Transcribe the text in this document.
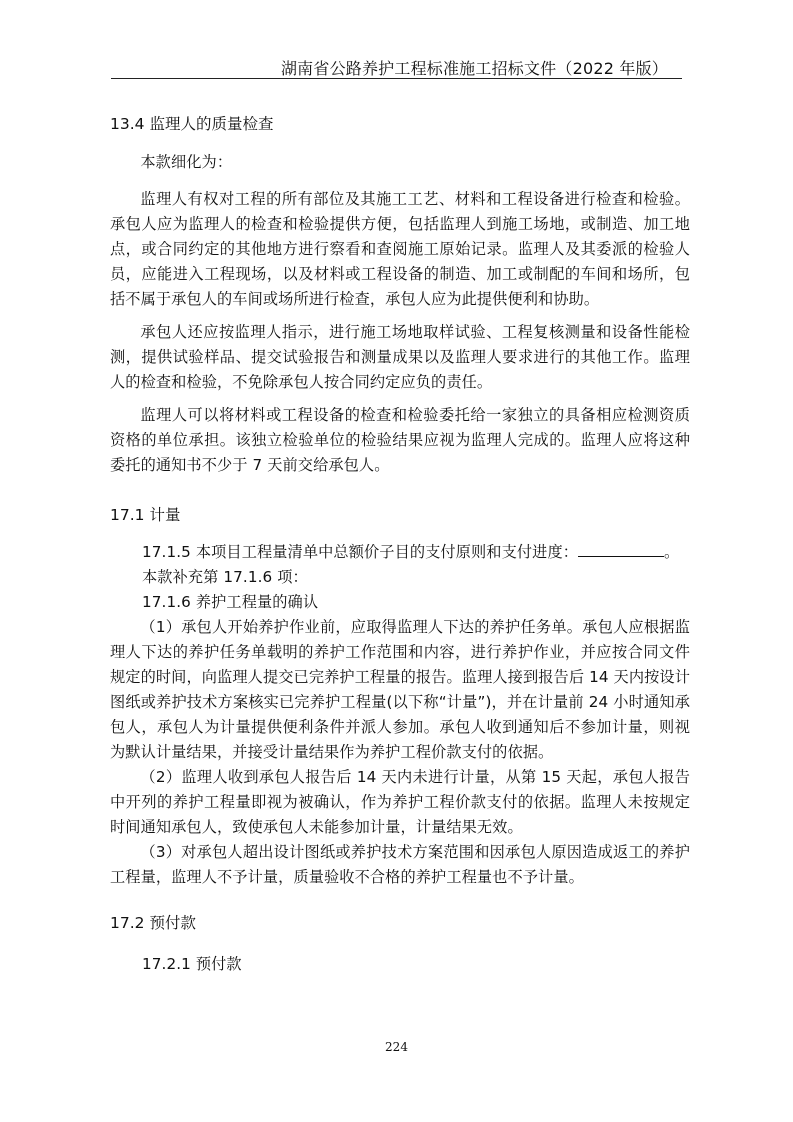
湖南省公路养护工程标准施工招标文件（2022 年版）

13.4 监理人的质量检查

本款细化为：

监理人有权对工程的所有部位及其施工工艺、材料和工程设备进行检查和检验。承包人应为监理人的检查和检验提供方便，包括监理人到施工场地，或制造、加工地点，或合同约定的其他地方进行察看和查阅施工原始记录。监理人及其委派的检验人员，应能进入工程现场，以及材料或工程设备的制造、加工或制配的车间和场所，包括不属于承包人的车间或场所进行检查，承包人应为此提供便利和协助。

承包人还应按监理人指示，进行施工场地取样试验、工程复核测量和设备性能检测，提供试验样品、提交试验报告和测量成果以及监理人要求进行的其他工作。监理人的检查和检验，不免除承包人按合同约定应负的责任。

监理人可以将材料或工程设备的检查和检验委托给一家独立的具备相应检测资质资格的单位承担。该独立检验单位的检验结果应视为监理人完成的。监理人应将这种委托的通知书不少于 7 天前交给承包人。

17.1 计量

17.1.5 本项目工程量清单中总额价子目的支付原则和支付进度：	。

本款补充第 17.1.6 项：

17.1.6 养护工程量的确认

（1）承包人开始养护作业前，应取得监理人下达的养护任务单。承包人应根据监理人下达的养护任务单载明的养护工作范围和内容，进行养护作业，并应按合同文件规定的时间，向监理人提交已完养护工程量的报告。监理人接到报告后 14 天内按设计图纸或养护技术方案核实已完养护工程量(以下称“计量”)，并在计量前 24 小时通知承包人，承包人为计量提供便利条件并派人参加。承包人收到通知后不参加计量，则视为默认计量结果，并接受计量结果作为养护工程价款支付的依据。

（2）监理人收到承包人报告后 14 天内未进行计量，从第 15 天起，承包人报告中开列的养护工程量即视为被确认，作为养护工程价款支付的依据。监理人未按规定时间通知承包人，致使承包人未能参加计量，计量结果无效。

（3）对承包人超出设计图纸或养护技术方案范围和因承包人原因造成返工的养护工程量，监理人不予计量，质量验收不合格的养护工程量也不予计量。

17.2 预付款

17.2.1 预付款

224
